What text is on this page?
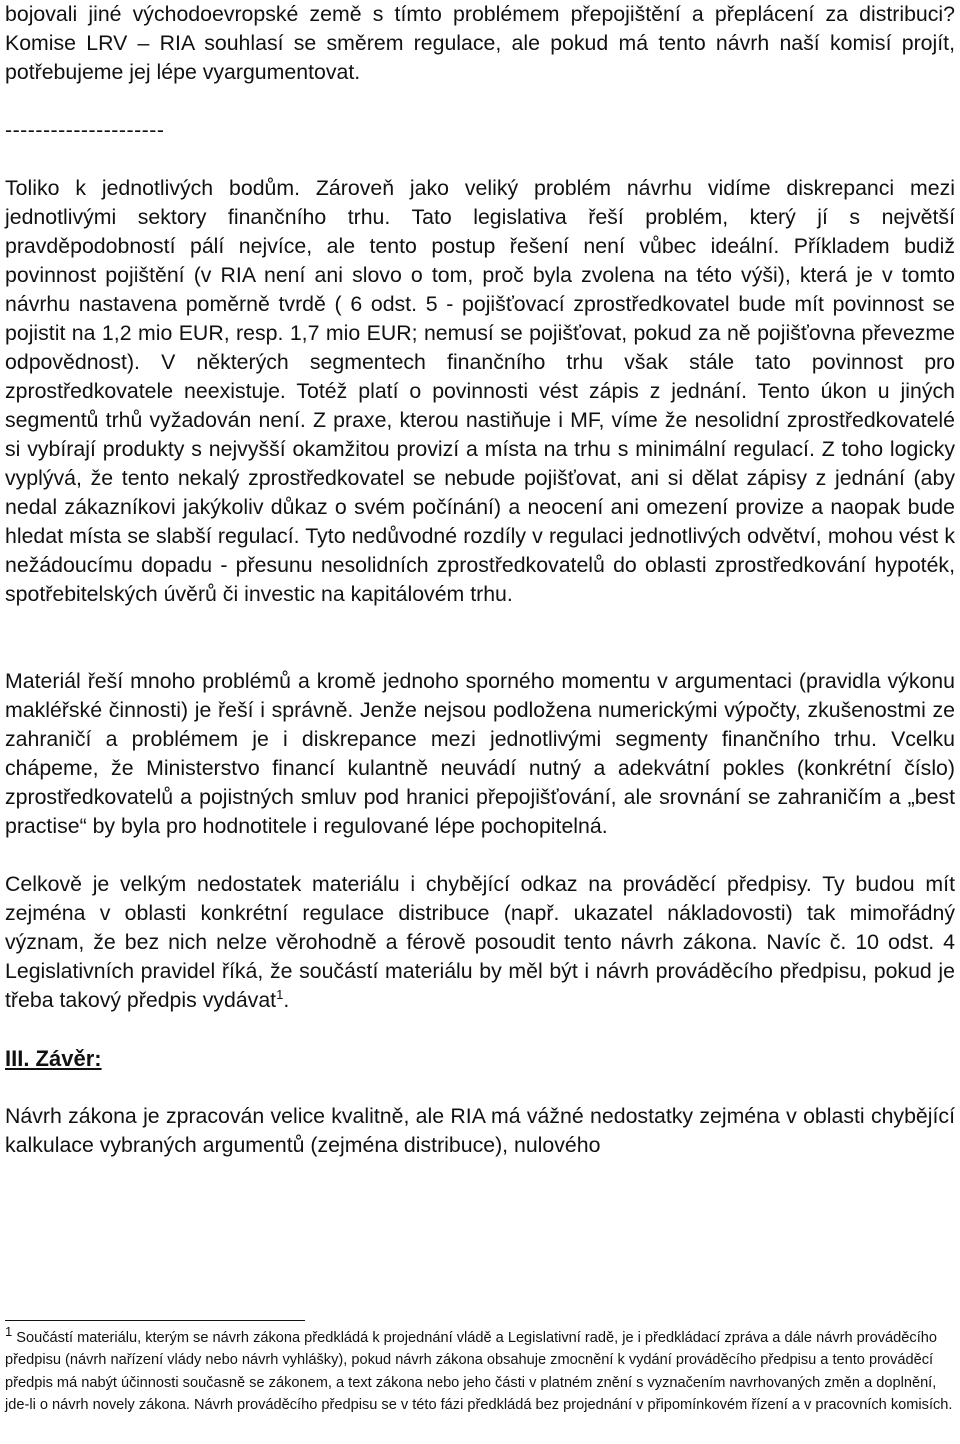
bojovali jiné východoevropské země s tímto problémem přepojištění a přeplácení za distribuci? Komise LRV – RIA souhlasí se směrem regulace, ale pokud má tento návrh naší komisí projít, potřebujeme jej lépe vyargumentovat.

---------------------

Toliko k jednotlivých bodům. Zároveň jako veliký problém návrhu vidíme diskrepanci mezi jednotlivými sektory finančního trhu. Tato legislativa řeší problém, který jí s největší pravděpodobností pálí nejvíce, ale tento postup řešení není vůbec ideální. Příkladem budiž povinnost pojištění (v RIA není ani slovo o tom, proč byla zvolena na této výši), která je v tomto návrhu nastavena poměrně tvrdě ( 6 odst. 5 - pojišťovací zprostředkovatel bude mít povinnost se pojistit na 1,2 mio EUR, resp. 1,7 mio EUR; nemusí se pojišťovat, pokud za ně pojišťovna převezme odpovědnost). V některých segmentech finančního trhu však stále tato povinnost pro zprostředkovatele neexistuje. Totéž platí o povinnosti vést zápis z jednání. Tento úkon u jiných segmentů trhů vyžadován není. Z praxe, kterou nastiňuje i MF, víme že nesolidní zprostředkovatelé si vybírají produkty s nejvyšší okamžitou provizí a místa na trhu s minimální regulací. Z toho logicky vyplývá, že tento nekalý zprostředkovatel se nebude pojišťovat, ani si dělat zápisy z jednání (aby nedal zákazníkovi jakýkoliv důkaz o svém počínání) a neocení ani omezení provize a naopak bude hledat místa se slabší regulací. Tyto nedůvodné rozdíly v regulaci jednotlivých odvětví, mohou vést k nežádoucímu dopadu - přesunu nesolidních zprostředkovatelů do oblasti zprostředkování hypoték, spotřebitelských úvěrů či investic na kapitálovém trhu.

Materiál řeší mnoho problémů a kromě jednoho sporného momentu v argumentaci (pravidla výkonu makléřské činnosti) je řeší i správně. Jenže nejsou podložena numerickými výpočty, zkušenostmi ze zahraničí a problémem je i diskrepance mezi jednotlivými segmenty finančního trhu. Vcelku chápeme, že Ministerstvo financí kulantně neuvádí nutný a adekvátní pokles (konkrétní číslo) zprostředkovatelů a pojistných smluv pod hranici přepojišťování, ale srovnání se zahraničím a „best practise“ by byla pro hodnotitele i regulované lépe pochopitelná.

Celkově je velkým nedostatek materiálu i chybějící odkaz na prováděcí předpisy. Ty budou mít zejména v oblasti konkrétní regulace distribuce (např. ukazatel nákladovosti) tak mimořádný význam, že bez nich nelze věrohodně a férově posoudit tento návrh zákona. Navíc č. 10 odst. 4 Legislativních pravidel říká, že součástí materiálu by měl být i návrh prováděcího předpisu, pokud je třeba takový předpis vydávat$^1$.

III. Závěr:

Návrh zákona je zpracován velice kvalitně, ale RIA má vážné nedostatky zejména v oblasti chybějící kalkulace vybraných argumentů (zejména distribuce), nulového

1 Součástí materiálu, kterým se návrh zákona předkládá k projednání vládě a Legislativní radě, je i předkládací zpráva a dále návrh prováděcího předpisu (návrh nařízení vlády nebo návrh vyhlášky), pokud návrh zákona obsahuje zmocnění k vydání prováděcího předpisu a tento prováděcí předpis má nabýt účinnosti současně se zákonem, a text zákona nebo jeho části v platném znění s vyznačením navrhovaných změn a doplnění, jde-li o návrh novely zákona. Návrh prováděcího předpisu se v této fázi předkládá bez projednání v připomínkovém řízení a v pracovních komisích.
